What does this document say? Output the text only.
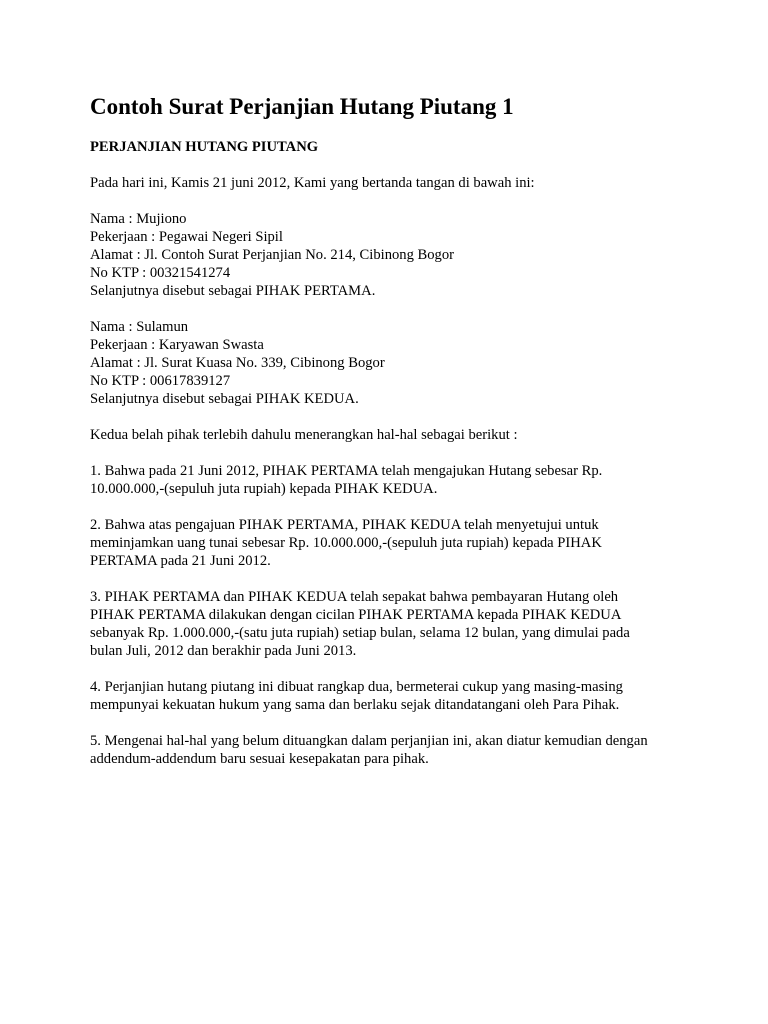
Contoh Surat Perjanjian Hutang Piutang 1
PERJANJIAN HUTANG PIUTANG
Pada hari ini, Kamis 21 juni 2012, Kami yang bertanda tangan di bawah ini:
Nama : Mujiono
Pekerjaan : Pegawai Negeri Sipil
Alamat : Jl. Contoh Surat Perjanjian No. 214, Cibinong Bogor
No KTP : 00321541274
Selanjutnya disebut sebagai PIHAK PERTAMA.
Nama : Sulamun
Pekerjaan : Karyawan Swasta
Alamat : Jl. Surat Kuasa No. 339, Cibinong Bogor
No KTP : 00617839127
Selanjutnya disebut sebagai PIHAK KEDUA.
Kedua belah pihak terlebih dahulu menerangkan hal-hal sebagai berikut :
1. Bahwa pada 21 Juni 2012, PIHAK PERTAMA telah mengajukan Hutang sebesar Rp.
10.000.000,-(sepuluh juta rupiah) kepada PIHAK KEDUA.
2. Bahwa atas pengajuan PIHAK PERTAMA, PIHAK KEDUA telah menyetujui untuk
meminjamkan uang tunai sebesar Rp. 10.000.000,-(sepuluh juta rupiah) kepada PIHAK
PERTAMA pada 21 Juni 2012.
3. PIHAK PERTAMA dan PIHAK KEDUA telah sepakat bahwa pembayaran Hutang oleh
PIHAK PERTAMA dilakukan dengan cicilan PIHAK PERTAMA kepada PIHAK KEDUA
sebanyak Rp. 1.000.000,-(satu juta rupiah) setiap bulan, selama 12 bulan, yang dimulai pada
bulan Juli, 2012 dan berakhir pada Juni 2013.
4. Perjanjian hutang piutang ini dibuat rangkap dua, bermeterai cukup yang masing-masing
mempunyai kekuatan hukum yang sama dan berlaku sejak ditandatangani oleh Para Pihak.
5. Mengenai hal-hal yang belum dituangkan dalam perjanjian ini, akan diatur kemudian dengan
addendum-addendum baru sesuai kesepakatan para pihak.
